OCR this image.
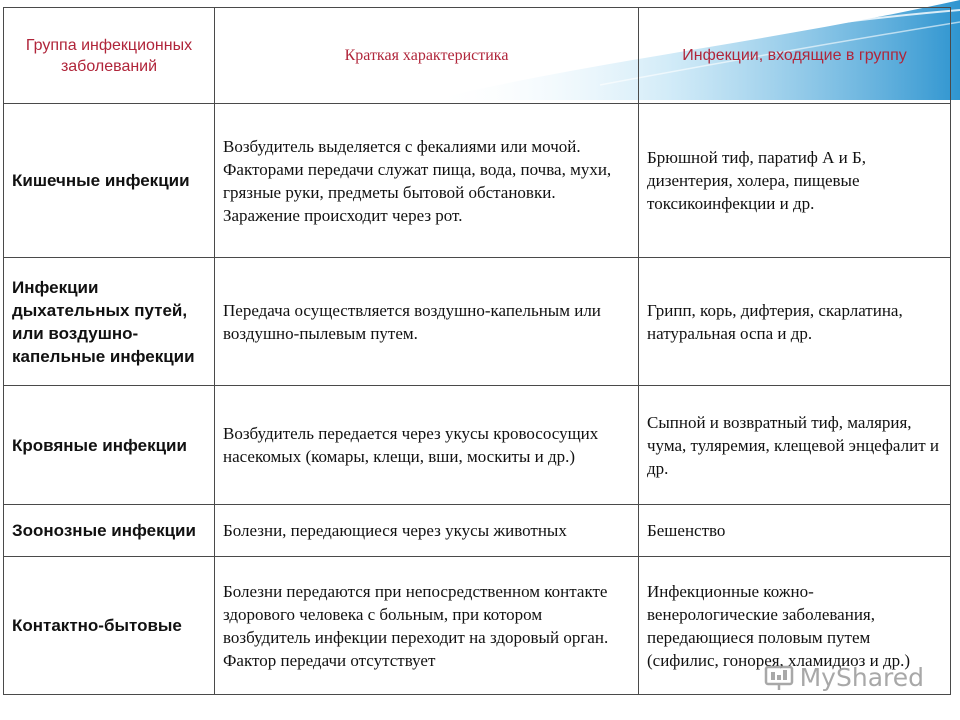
Группа инфекционных заболеваний	Краткая характеристика	Инфекции, входящие в группу
Кишечные инфекции	Возбудитель выделяется с фекалиями или мочой. Факторами передачи служат пища, вода, почва, мухи, грязные руки, предметы бытовой обстановки. Заражение происходит через рот.	Брюшной тиф, паратиф А и Б, дизентерия, холера, пищевые токсикоинфекции и др.
Инфекции дыхательных путей, или воздушно-капельные инфекции	Передача осуществляется воздушно-капельным или воздушно-пылевым путем.	Грипп, корь, дифтерия, скарлатина, натуральная оспа и др.
Кровяные инфекции	Возбудитель передается через укусы кровососущих насекомых (комары, клещи, вши, москиты и др.)	Сыпной и возвратный тиф, малярия, чума, туляремия, клещевой энцефалит и др.
Зоонозные инфекции	Болезни, передающиеся через укусы животных	Бешенство
Контактно-бытовые	Болезни передаются при непосредственном контакте здорового человека с больным, при котором возбудитель инфекции переходит на здоровый орган. Фактор передачи отсутствует	Инфекционные кожно-венерологические заболевания, передающиеся половым путем (сифилис, гонорея, хламидиоз и др.)
MyShared
